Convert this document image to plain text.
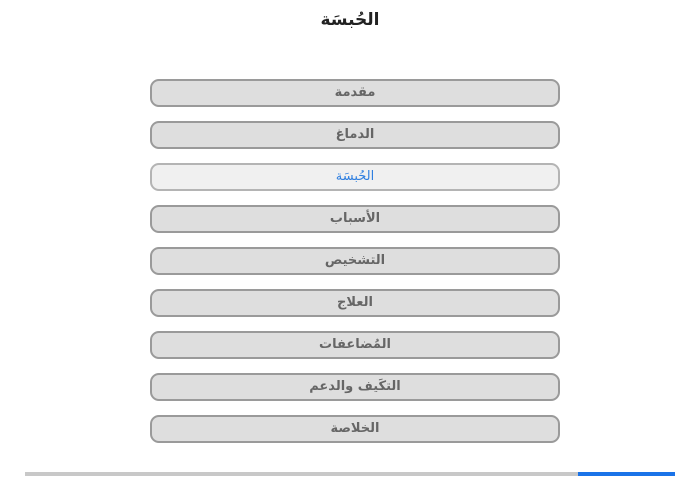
الحُبسَة
مقدمة
الدماغ
الحُبسَة
الأسباب
التشخيص
العلاج
المُضاعفات
التكَيف والدعم
الخلاصة
